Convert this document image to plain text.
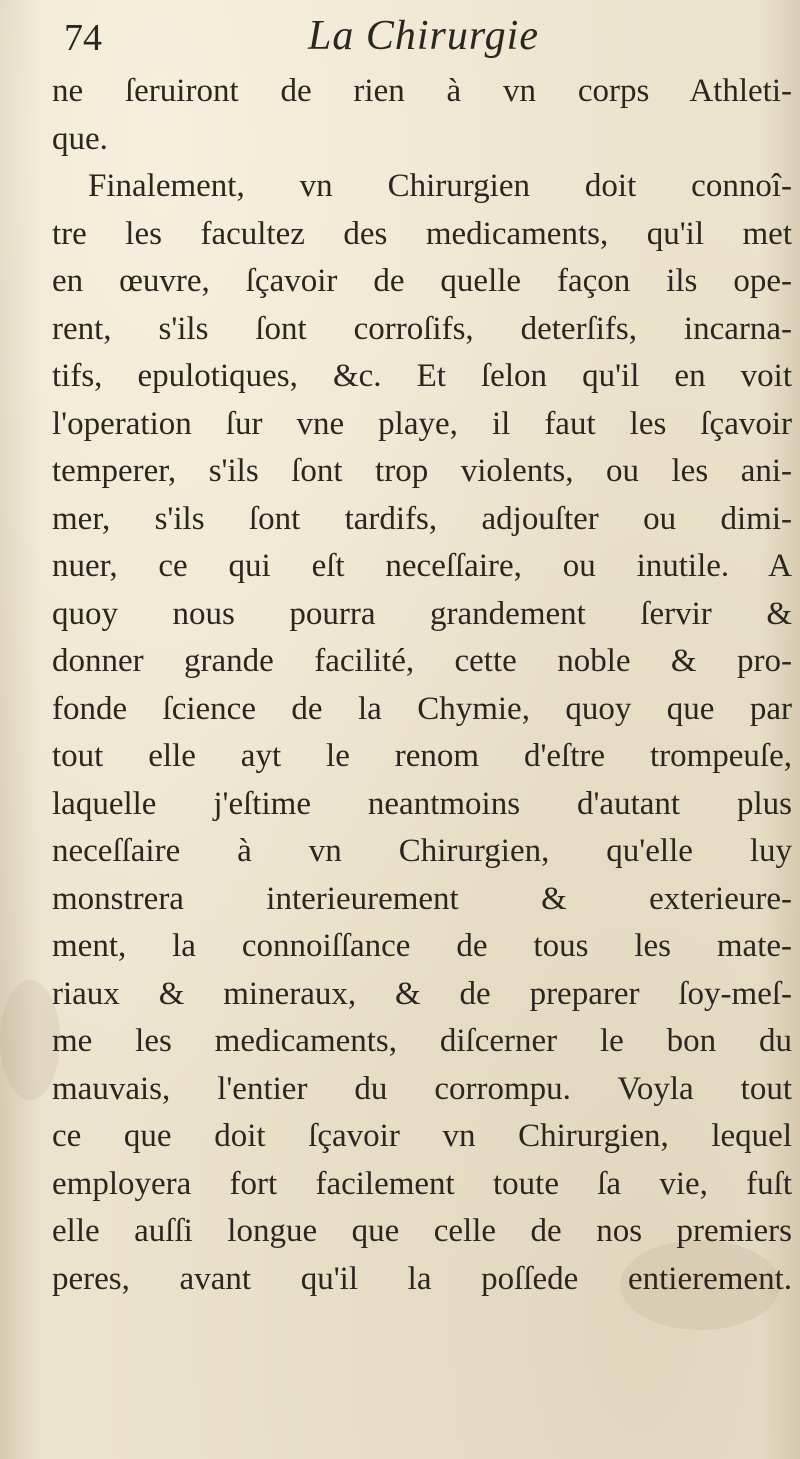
74	La Chirurgie
ne ſeruiront de rien à vn corps Athleti-
que.
Finalement, vn Chirurgien doit connoî-
tre les facultez des medicaments, qu'il met
en œuvre, ſçavoir de quelle façon ils ope-
rent, s'ils ſont corroſifs, deterſifs, incarna-
tifs, epulotiques, &c. Et ſelon qu'il en voit
l'operation ſur vne playe, il faut les ſçavoir
temperer, s'ils ſont trop violents, ou les ani-
mer, s'ils ſont tardifs, adjouſter ou dimi-
nuer, ce qui eſt neceſſaire, ou inutile. A
quoy nous pourra grandement ſervir &
donner grande facilité, cette noble & pro-
fonde ſcience de la Chymie, quoy que par
tout elle ayt le renom d'eſtre trompeuſe,
laquelle j'eſtime neantmoins d'autant plus
neceſſaire à vn Chirurgien, qu'elle luy
monstrera interieurement & exterieure-
ment, la connoiſſance de tous les mate-
riaux & mineraux, & de preparer ſoy-meſ-
me les medicaments, diſcerner le bon du
mauvais, l'entier du corrompu. Voyla tout
ce que doit ſçavoir vn Chirurgien, lequel
employera fort facilement toute ſa vie, fuſt
elle auſſi longue que celle de nos premiers
peres, avant qu'il la poſſede entierement.
